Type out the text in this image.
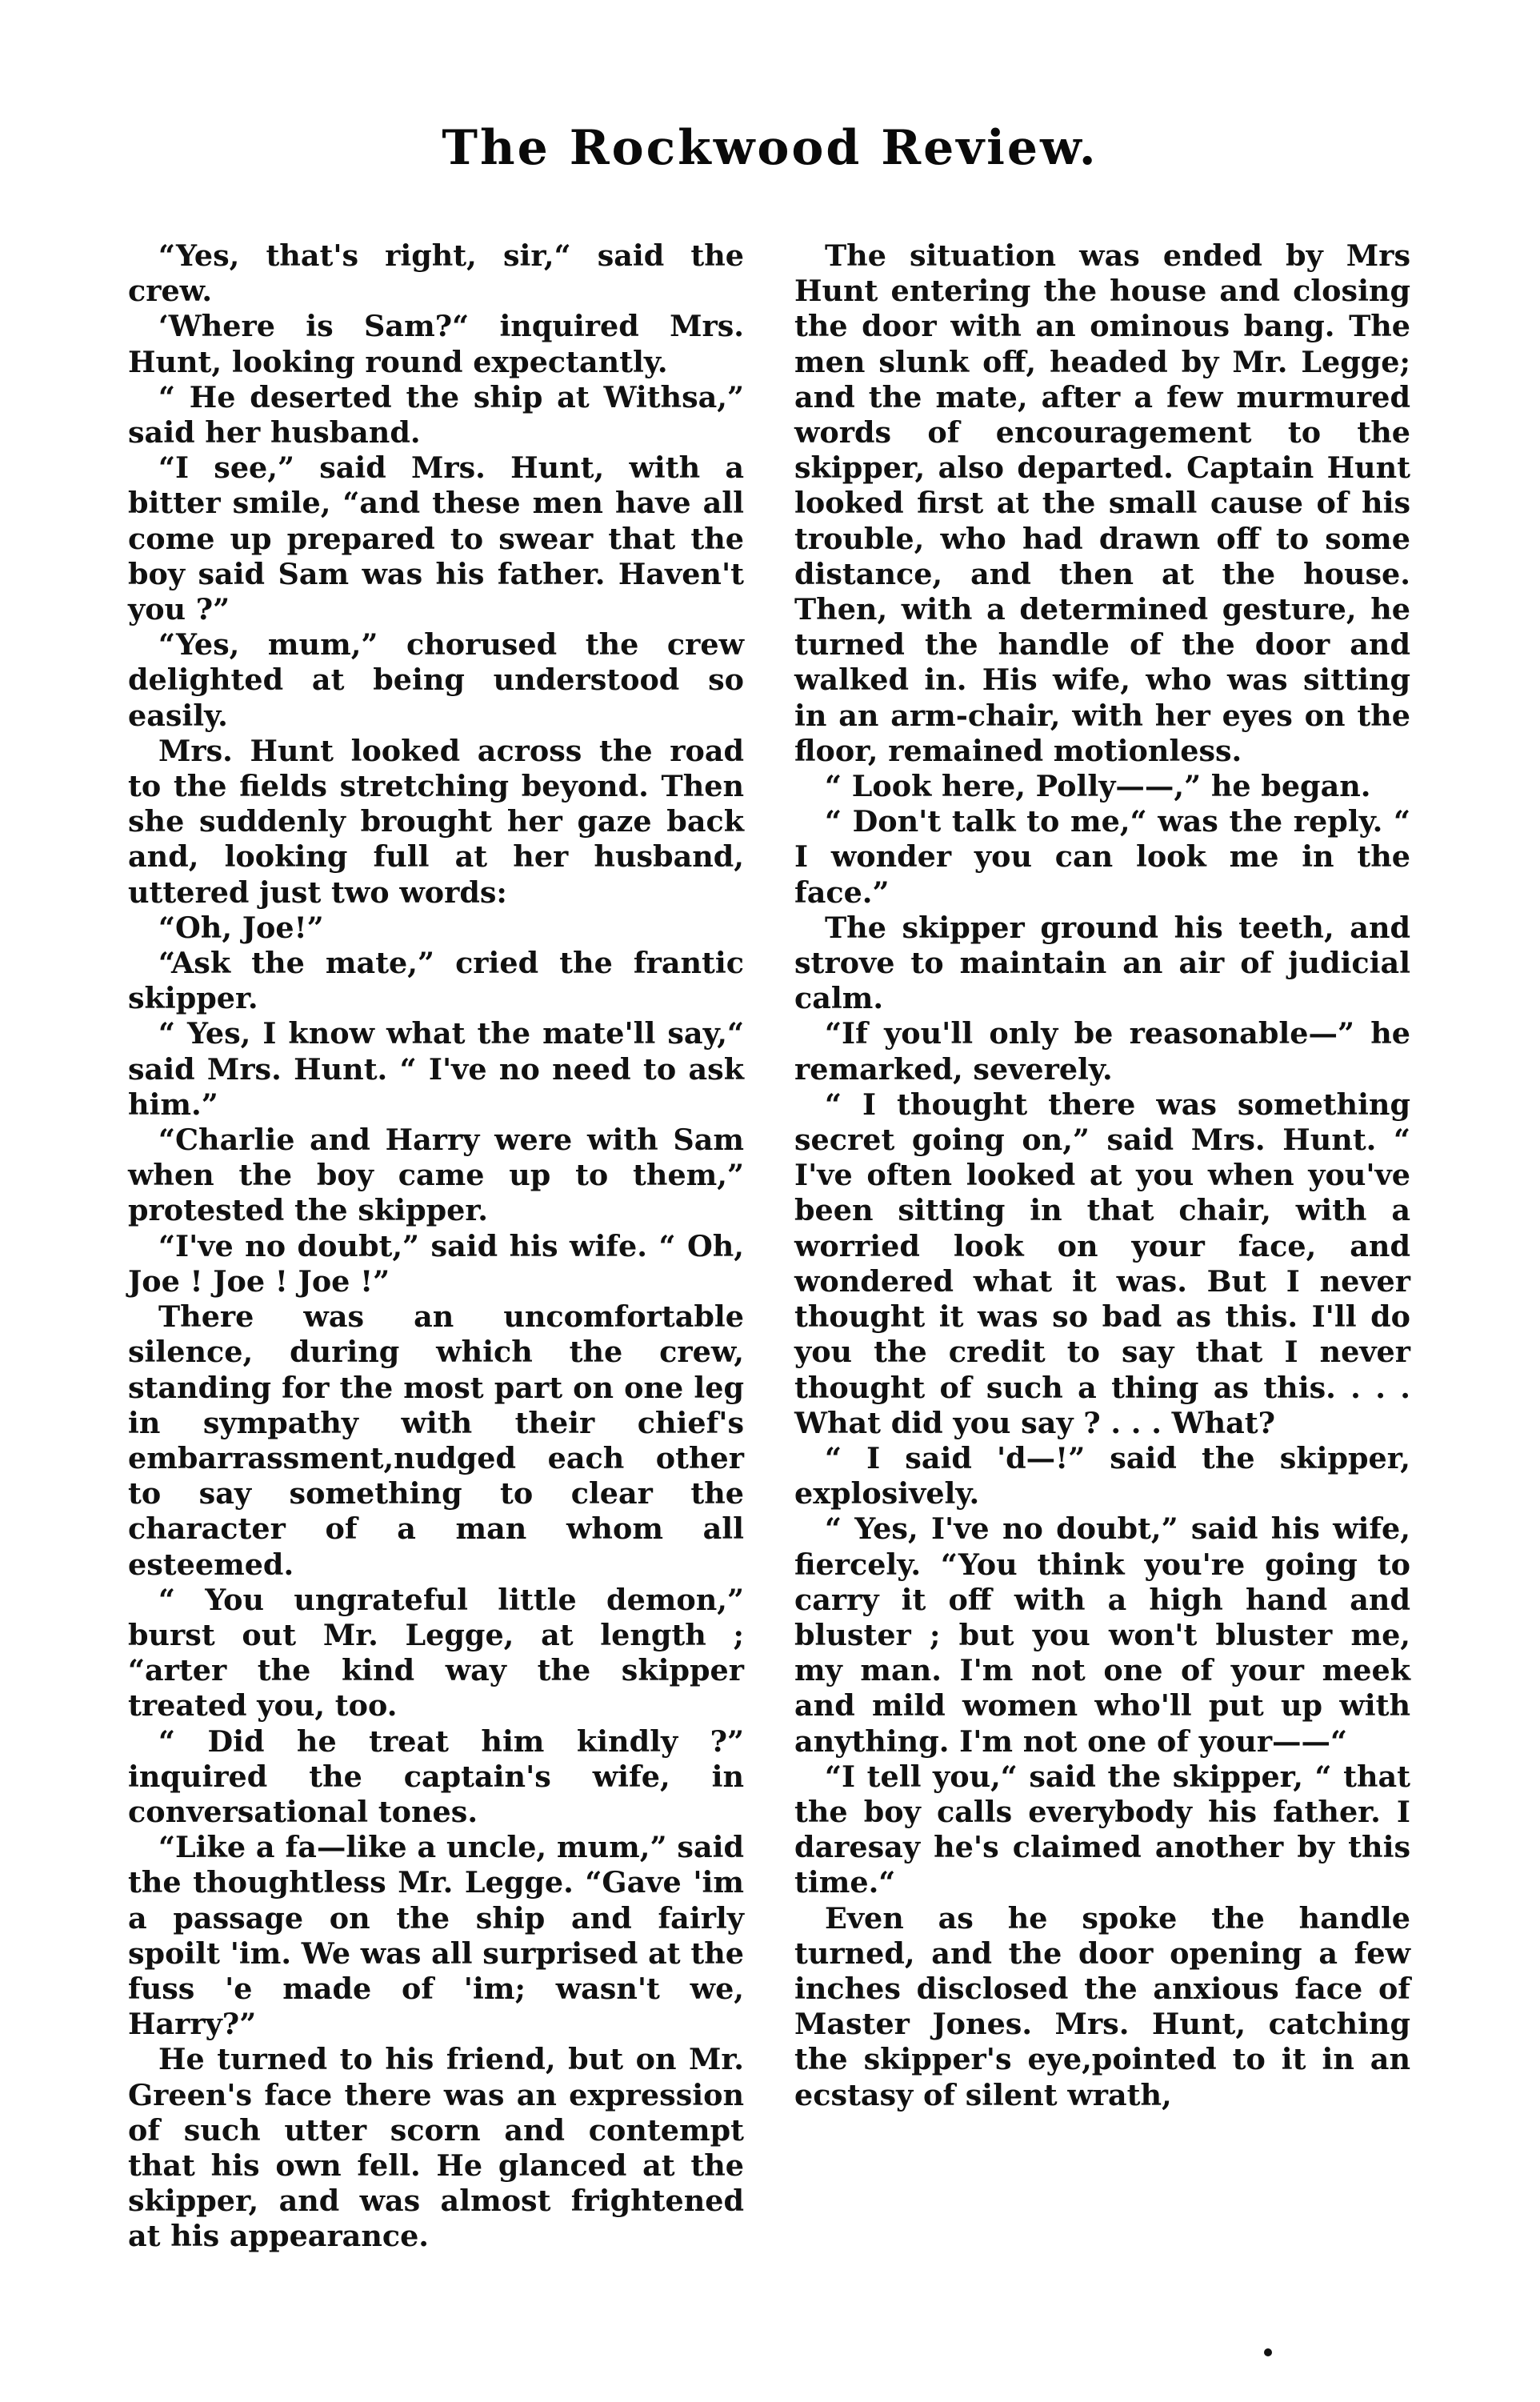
The Rockwood Review.

“Yes, that's right, sir,“ said the crew.

‘Where is Sam?“ inquired Mrs. Hunt, looking round expectantly.

“ He deserted the ship at Withsa,” said her husband.

“I see,” said Mrs. Hunt, with a bitter smile, “and these men have all come up prepared to swear that the boy said Sam was his father. Haven't you ?”

“Yes, mum,” chorused the crew delighted at being understood so easily.

Mrs. Hunt looked across the road to the fields stretching beyond. Then she suddenly brought her gaze back and, looking full at her husband, uttered just two words:

“Oh, Joe!”

“Ask the mate,” cried the frantic skipper.

“ Yes, I know what the mate'll say,“ said Mrs. Hunt. “ I've no need to ask him.”

“Charlie and Harry were with Sam when the boy came up to them,” protested the skipper.

“I've no doubt,” said his wife. “ Oh, Joe ! Joe ! Joe !”

There was an uncomfortable silence, during which the crew, standing for the most part on one leg in sympathy with their chief's embarrassment,nudged each other to say something to clear the character of a man whom all esteemed.

“ You ungrateful little demon,” burst out Mr. Legge, at length ; “arter the kind way the skipper treated you, too.

“ Did he treat him kindly ?” inquired the captain's wife, in conversational tones.

“Like a fa—like a uncle, mum,” said the thoughtless Mr. Legge. “Gave 'im a passage on the ship and fairly spoilt 'im. We was all surprised at the fuss 'e made of 'im; wasn't we, Harry?”

He turned to his friend, but on Mr. Green's face there was an expression of such utter scorn and contempt that his own fell. He glanced at the skipper, and was almost frightened at his appearance.

The situation was ended by Mrs Hunt entering the house and closing the door with an ominous bang. The men slunk off, headed by Mr. Legge; and the mate, after a few murmured words of encouragement to the skipper, also departed. Captain Hunt looked first at the small cause of his trouble, who had drawn off to some distance, and then at the house. Then, with a determined gesture, he turned the handle of the door and walked in. His wife, who was sitting in an arm-chair, with her eyes on the floor, remained motionless.

“ Look here, Polly——,” he began.

“ Don't talk to me,“ was the reply. “ I wonder you can look me in the face.”

The skipper ground his teeth, and strove to maintain an air of judicial calm.

“If you'll only be reasonable—” he remarked, severely.

“ I thought there was something secret going on,” said Mrs. Hunt. “ I've often looked at you when you've been sitting in that chair, with a worried look on your face, and wondered what it was. But I never thought it was so bad as this. I'll do you the credit to say that I never thought of such a thing as this. . . . What did you say ? . . . What?

“ I said 'd—!” said the skipper, explosively.

“ Yes, I've no doubt,” said his wife, fiercely. “You think you're going to carry it off with a high hand and bluster ; but you won't bluster me, my man. I'm not one of your meek and mild women who'll put up with anything. I'm not one of your——“

“I tell you,“ said the skipper, “ that the boy calls everybody his father. I daresay he's claimed another by this time.“

Even as he spoke the handle turned, and the door opening a few inches disclosed the anxious face of Master Jones. Mrs. Hunt, catching the skipper's eye,pointed to it in an ecstasy of silent wrath,
